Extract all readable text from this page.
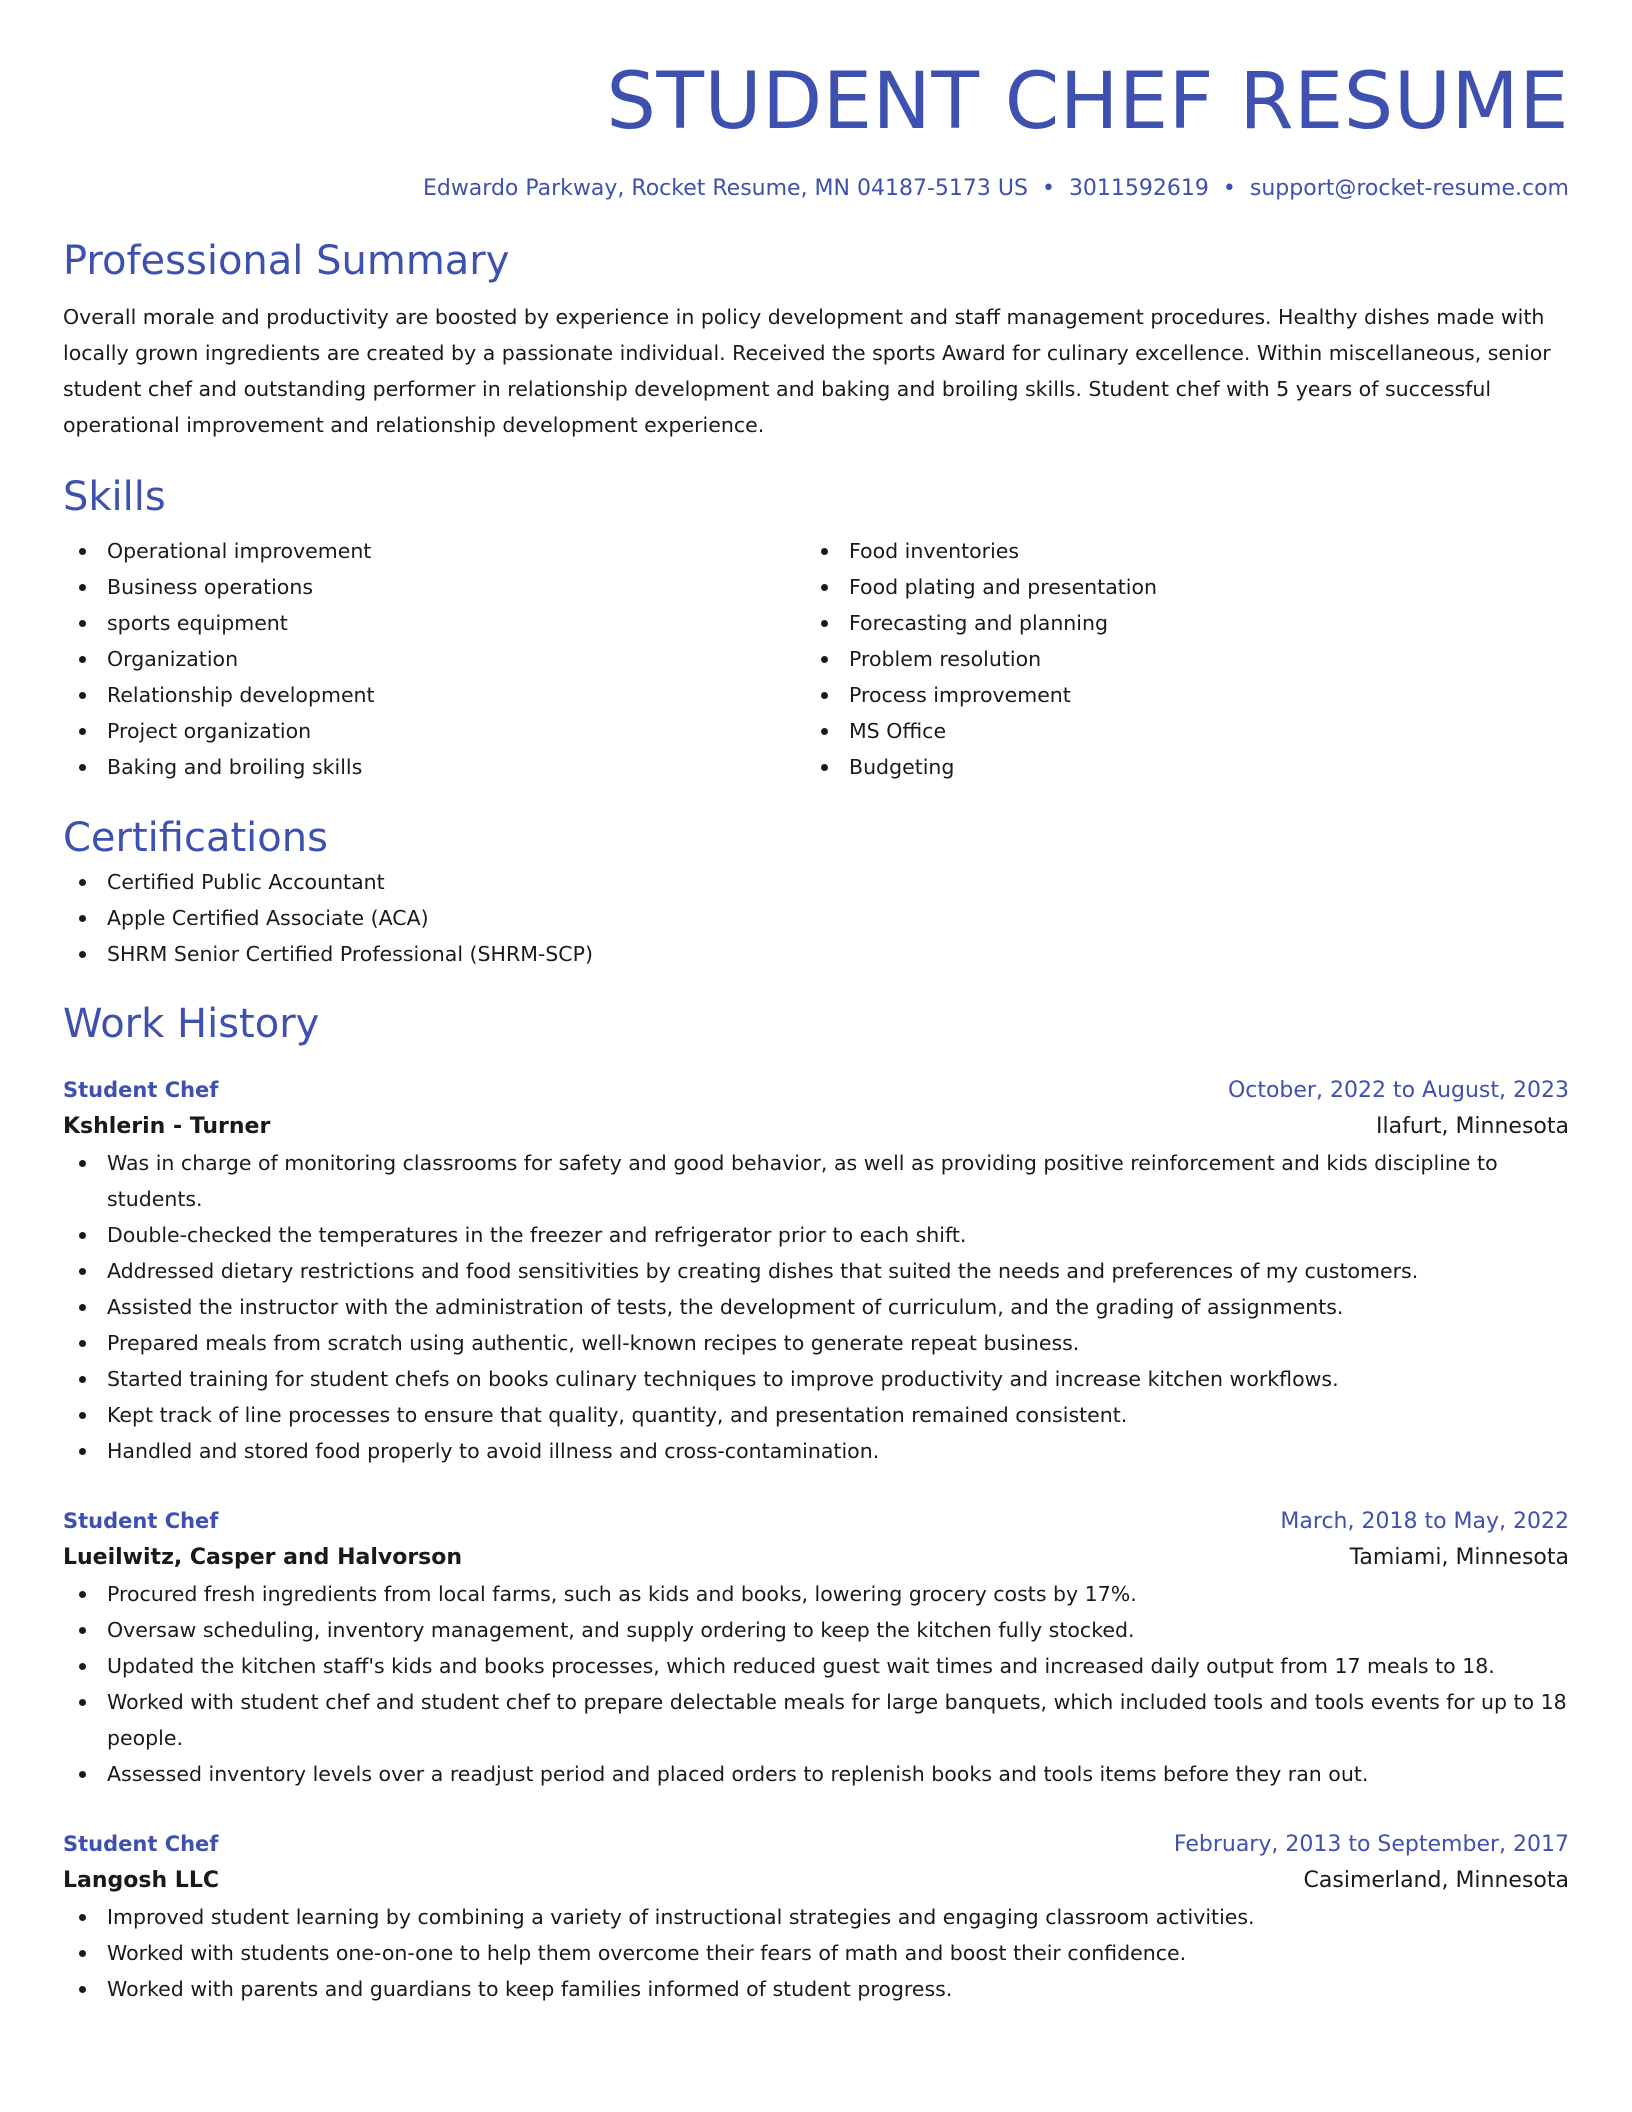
STUDENT CHEF RESUME
Edwardo Parkway, Rocket Resume, MN 04187-5173 US • 3011592619 • support@rocket-resume.com
Professional Summary

Overall morale and productivity are boosted by experience in policy development and staff management procedures. Healthy dishes made with locally grown ingredients are created by a passionate individual. Received the sports Award for culinary excellence. Within miscellaneous, senior student chef and outstanding performer in relationship development and baking and broiling skills. Student chef with 5 years of successful operational improvement and relationship development experience.

Skills
Operational improvement
Business operations
sports equipment
Organization
Relationship development
Project organization
Baking and broiling skills
Food inventories
Food plating and presentation
Forecasting and planning
Problem resolution
Process improvement
MS Office
Budgeting
Certifications
Certified Public Accountant
Apple Certified Associate (ACA)
SHRM Senior Certified Professional (SHRM-SCP)
Work History
Student Chef	October, 2022 to August, 2023
Kshlerin - Turner	Ilafurt, Minnesota
Was in charge of monitoring classrooms for safety and good behavior, as well as providing positive reinforcement and kids discipline to students.
Double-checked the temperatures in the freezer and refrigerator prior to each shift.
Addressed dietary restrictions and food sensitivities by creating dishes that suited the needs and preferences of my customers.
Assisted the instructor with the administration of tests, the development of curriculum, and the grading of assignments.
Prepared meals from scratch using authentic, well-known recipes to generate repeat business.
Started training for student chefs on books culinary techniques to improve productivity and increase kitchen workflows.
Kept track of line processes to ensure that quality, quantity, and presentation remained consistent.
Handled and stored food properly to avoid illness and cross-contamination.
Student Chef	March, 2018 to May, 2022
Lueilwitz, Casper and Halvorson	Tamiami, Minnesota
Procured fresh ingredients from local farms, such as kids and books, lowering grocery costs by 17%.
Oversaw scheduling, inventory management, and supply ordering to keep the kitchen fully stocked.
Updated the kitchen staff's kids and books processes, which reduced guest wait times and increased daily output from 17 meals to 18.
Worked with student chef and student chef to prepare delectable meals for large banquets, which included tools and tools events for up to 18 people.
Assessed inventory levels over a readjust period and placed orders to replenish books and tools items before they ran out.
Student Chef	February, 2013 to September, 2017
Langosh LLC	Casimerland, Minnesota
Improved student learning by combining a variety of instructional strategies and engaging classroom activities.
Worked with students one-on-one to help them overcome their fears of math and boost their confidence.
Worked with parents and guardians to keep families informed of student progress.
